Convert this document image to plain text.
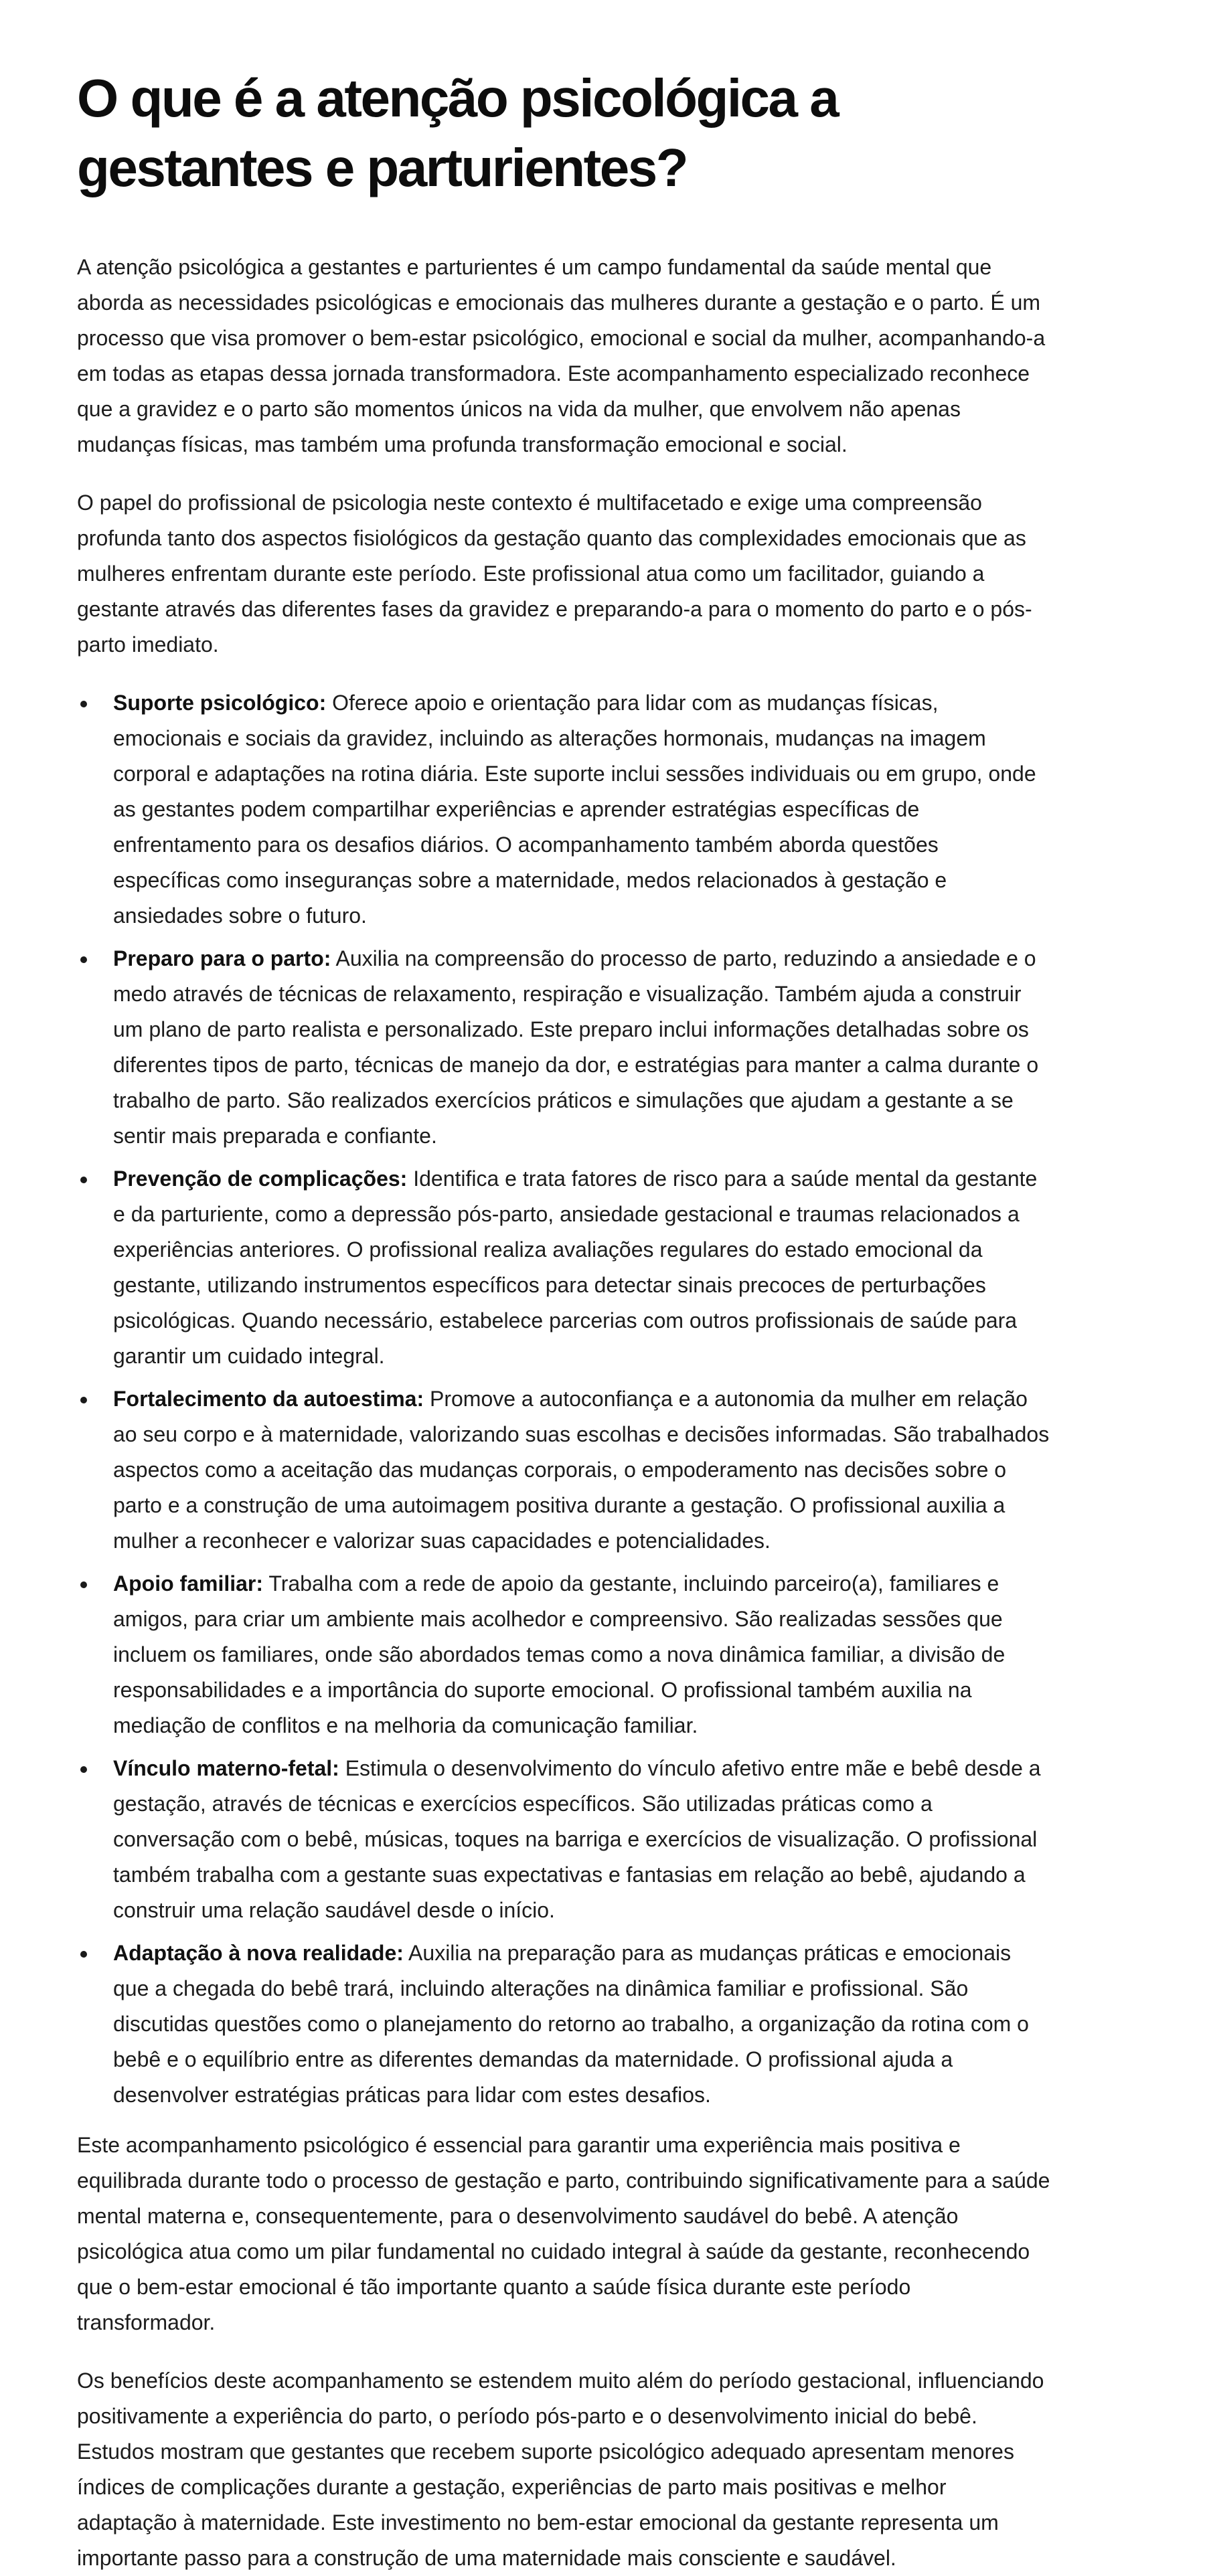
O que é a atenção psicológica a
gestantes e parturientes?

A atenção psicológica a gestantes e parturientes é um campo fundamental da saúde mental que aborda as necessidades psicológicas e emocionais das mulheres durante a gestação e o parto. É um processo que visa promover o bem-estar psicológico, emocional e social da mulher, acompanhando-a em todas as etapas dessa jornada transformadora. Este acompanhamento especializado reconhece que a gravidez e o parto são momentos únicos na vida da mulher, que envolvem não apenas mudanças físicas, mas também uma profunda transformação emocional e social.

O papel do profissional de psicologia neste contexto é multifacetado e exige uma compreensão profunda tanto dos aspectos fisiológicos da gestação quanto das complexidades emocionais que as mulheres enfrentam durante este período. Este profissional atua como um facilitador, guiando a gestante através das diferentes fases da gravidez e preparando-a para o momento do parto e o pós-parto imediato.

Suporte psicológico: Oferece apoio e orientação para lidar com as mudanças físicas, emocionais e sociais da gravidez, incluindo as alterações hormonais, mudanças na imagem corporal e adaptações na rotina diária. Este suporte inclui sessões individuais ou em grupo, onde as gestantes podem compartilhar experiências e aprender estratégias específicas de enfrentamento para os desafios diários. O acompanhamento também aborda questões específicas como inseguranças sobre a maternidade, medos relacionados à gestação e ansiedades sobre o futuro.
Preparo para o parto: Auxilia na compreensão do processo de parto, reduzindo a ansiedade e o medo através de técnicas de relaxamento, respiração e visualização. Também ajuda a construir um plano de parto realista e personalizado. Este preparo inclui informações detalhadas sobre os diferentes tipos de parto, técnicas de manejo da dor, e estratégias para manter a calma durante o trabalho de parto. São realizados exercícios práticos e simulações que ajudam a gestante a se sentir mais preparada e confiante.
Prevenção de complicações: Identifica e trata fatores de risco para a saúde mental da gestante e da parturiente, como a depressão pós-parto, ansiedade gestacional e traumas relacionados a experiências anteriores. O profissional realiza avaliações regulares do estado emocional da gestante, utilizando instrumentos específicos para detectar sinais precoces de perturbações psicológicas. Quando necessário, estabelece parcerias com outros profissionais de saúde para garantir um cuidado integral.
Fortalecimento da autoestima: Promove a autoconfiança e a autonomia da mulher em relação ao seu corpo e à maternidade, valorizando suas escolhas e decisões informadas. São trabalhados aspectos como a aceitação das mudanças corporais, o empoderamento nas decisões sobre o parto e a construção de uma autoimagem positiva durante a gestação. O profissional auxilia a mulher a reconhecer e valorizar suas capacidades e potencialidades.
Apoio familiar: Trabalha com a rede de apoio da gestante, incluindo parceiro(a), familiares e amigos, para criar um ambiente mais acolhedor e compreensivo. São realizadas sessões que incluem os familiares, onde são abordados temas como a nova dinâmica familiar, a divisão de responsabilidades e a importância do suporte emocional. O profissional também auxilia na mediação de conflitos e na melhoria da comunicação familiar.
Vínculo materno-fetal: Estimula o desenvolvimento do vínculo afetivo entre mãe e bebê desde a gestação, através de técnicas e exercícios específicos. São utilizadas práticas como a conversação com o bebê, músicas, toques na barriga e exercícios de visualização. O profissional também trabalha com a gestante suas expectativas e fantasias em relação ao bebê, ajudando a construir uma relação saudável desde o início.
Adaptação à nova realidade: Auxilia na preparação para as mudanças práticas e emocionais que a chegada do bebê trará, incluindo alterações na dinâmica familiar e profissional. São discutidas questões como o planejamento do retorno ao trabalho, a organização da rotina com o bebê e o equilíbrio entre as diferentes demandas da maternidade. O profissional ajuda a desenvolver estratégias práticas para lidar com estes desafios.

Este acompanhamento psicológico é essencial para garantir uma experiência mais positiva e equilibrada durante todo o processo de gestação e parto, contribuindo significativamente para a saúde mental materna e, consequentemente, para o desenvolvimento saudável do bebê. A atenção psicológica atua como um pilar fundamental no cuidado integral à saúde da gestante, reconhecendo que o bem-estar emocional é tão importante quanto a saúde física durante este período transformador.

Os benefícios deste acompanhamento se estendem muito além do período gestacional, influenciando positivamente a experiência do parto, o período pós-parto e o desenvolvimento inicial do bebê. Estudos mostram que gestantes que recebem suporte psicológico adequado apresentam menores índices de complicações durante a gestação, experiências de parto mais positivas e melhor adaptação à maternidade. Este investimento no bem-estar emocional da gestante representa um importante passo para a construção de uma maternidade mais consciente e saudável.
